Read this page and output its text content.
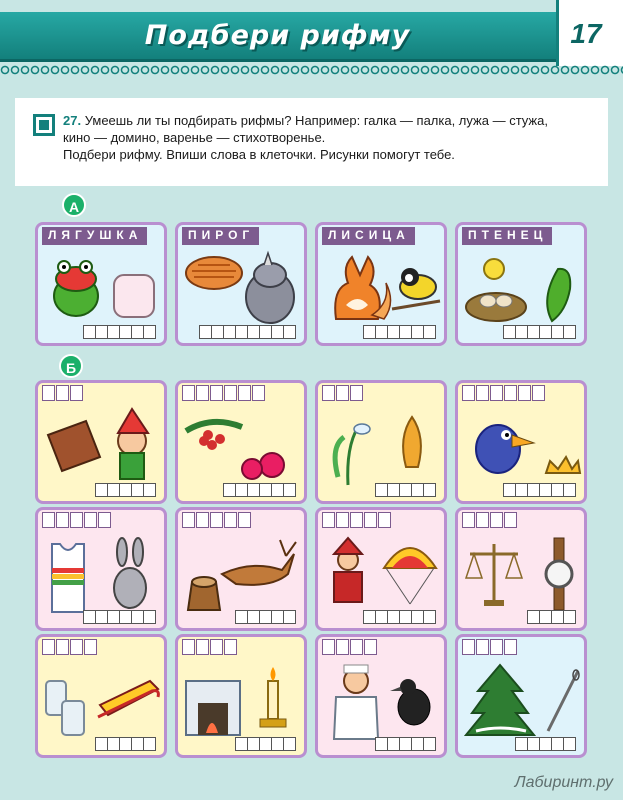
Подбери рифму	17
27. Умеешь ли ты подбирать рифмы? Например: галка — палка, лужа — стужа,
кино — домино, варенье — стихотворенье.
Подбери рифму. Впиши слова в клеточки. Рисунки помогут тебе.
А
Б
ЛЯГУШКА	ПИРОГ	ЛИСИЦА	ПТЕНЕЦ
Лабиринт.ру
